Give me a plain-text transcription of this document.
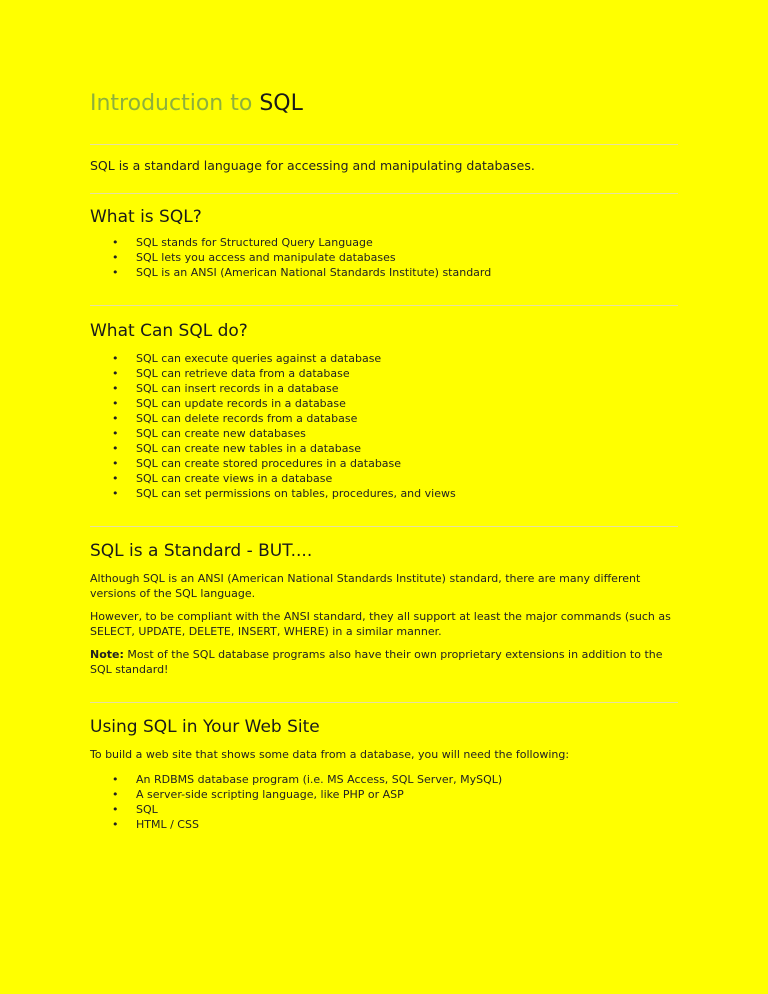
Introduction to SQL

SQL is a standard language for accessing and manipulating databases.

What is SQL?
• SQL stands for Structured Query Language
• SQL lets you access and manipulate databases
• SQL is an ANSI (American National Standards Institute) standard
What Can SQL do?
• SQL can execute queries against a database
• SQL can retrieve data from a database
• SQL can insert records in a database
• SQL can update records in a database
• SQL can delete records from a database
• SQL can create new databases
• SQL can create new tables in a database
• SQL can create stored procedures in a database
• SQL can create views in a database
• SQL can set permissions on tables, procedures, and views
SQL is a Standard - BUT....

Although SQL is an ANSI (American National Standards Institute) standard, there are many different versions of the SQL language.

However, to be compliant with the ANSI standard, they all support at least the major commands (such as SELECT, UPDATE, DELETE, INSERT, WHERE) in a similar manner.

Note: Most of the SQL database programs also have their own proprietary extensions in addition to the SQL standard!

Using SQL in Your Web Site

To build a web site that shows some data from a database, you will need the following:

• An RDBMS database program (i.e. MS Access, SQL Server, MySQL)
• A server-side scripting language, like PHP or ASP
• SQL
• HTML / CSS
